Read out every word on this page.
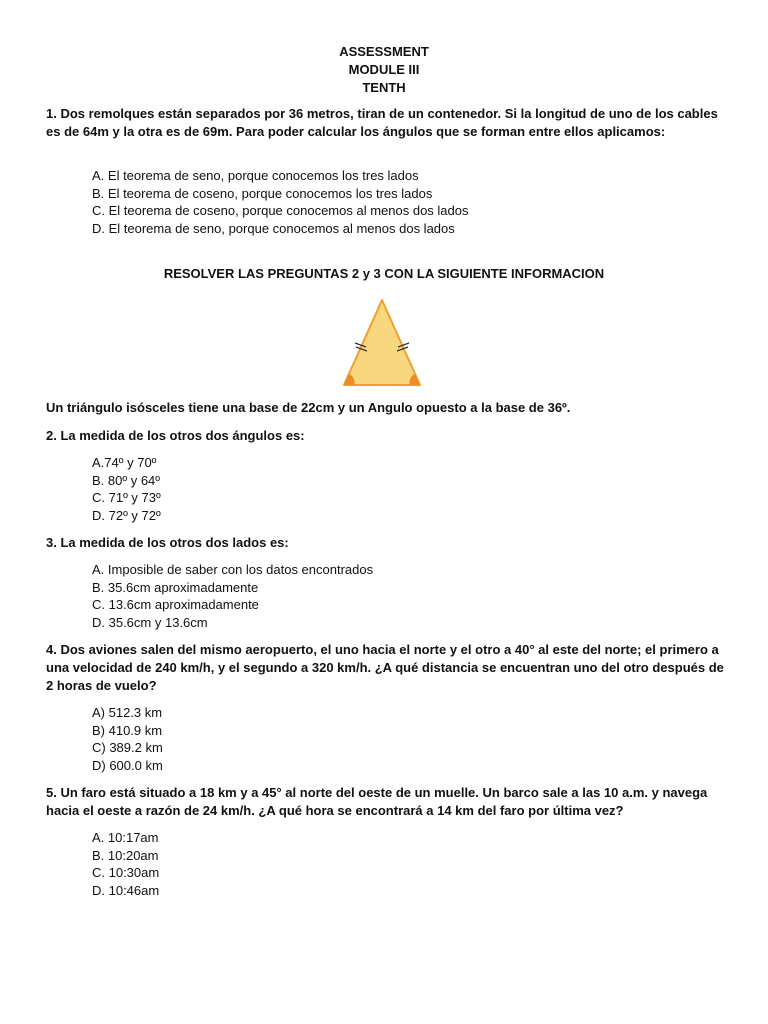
ASSESSMENT
MODULE III
TENTH
1. Dos remolques están separados por 36 metros, tiran de un contenedor. Si la longitud de uno de los cables es de 64m y la otra es de 69m. Para poder calcular los ángulos que se forman entre ellos aplicamos:
A. El teorema de seno, porque conocemos los tres lados
B. El teorema de coseno, porque conocemos los tres lados
C. El teorema de coseno, porque conocemos al menos dos lados
D. El teorema de seno, porque conocemos al menos dos lados
RESOLVER LAS PREGUNTAS 2 y 3 CON LA SIGUIENTE INFORMACION
Un triángulo isósceles tiene una base de 22cm y un Angulo opuesto a la base de 36º.
2. La medida de los otros dos ángulos es:
A.74º y 70º
B. 80º y 64º
C. 71º y 73º
D. 72º y 72º
3. La medida de los otros dos lados es:
A. Imposible de saber con los datos encontrados
B. 35.6cm aproximadamente
C. 13.6cm aproximadamente
D. 35.6cm y 13.6cm
4. Dos aviones salen del mismo aeropuerto, el uno hacia el norte y el otro a 40° al este del norte; el primero a una velocidad de 240 km/h, y el segundo a 320 km/h. ¿A qué distancia se encuentran uno del otro después de 2 horas de vuelo?
A) 512.3 km
B) 410.9 km
C) 389.2 km
D) 600.0 km
5. Un faro está situado a 18 km y a 45° al norte del oeste de un muelle. Un barco sale a las 10 a.m. y navega hacia el oeste a razón de 24 km/h. ¿A qué hora se encontrará a 14 km del faro por última vez?
A. 10:17am
B. 10:20am
C. 10:30am
D. 10:46am
